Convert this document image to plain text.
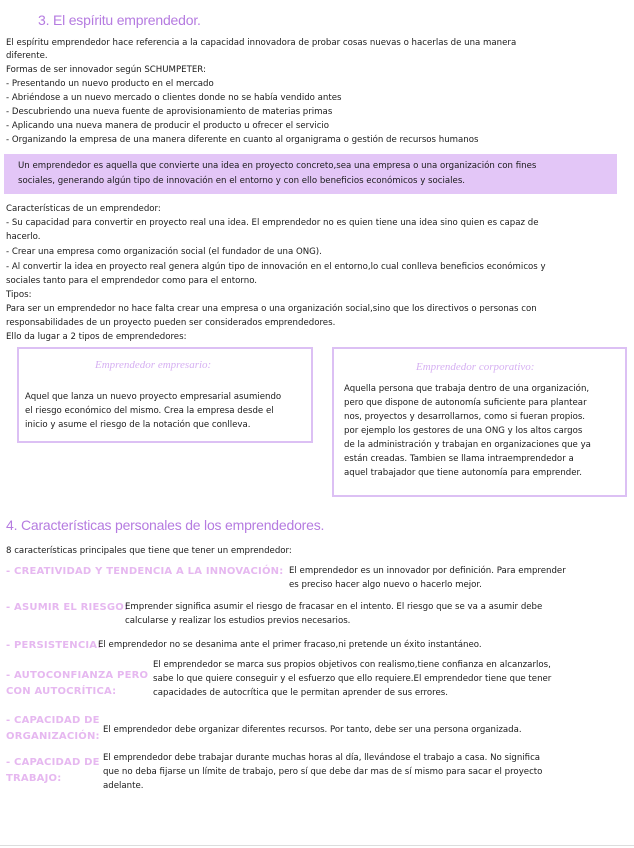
3. El espíritu emprendedor.
El espíritu emprendedor hace referencia a la capacidad innovadora de probar cosas nuevas o hacerlas de una manera
diferente.
Formas de ser innovador según SCHUMPETER:
- Presentando un nuevo producto en el mercado
- Abriéndose a un nuevo mercado o clientes donde no se había vendido antes
- Descubriendo una nueva fuente de aprovisionamiento de materias primas
- Aplicando una nueva manera de producir el producto u ofrecer el servicio
- Organizando la empresa de una manera diferente en cuanto al organigrama o gestión de recursos humanos
Un emprendedor es aquella que convierte una idea en proyecto concreto,sea una empresa o una organización con fines
sociales, generando algún tipo de innovación en el entorno y con ello beneficios económicos y sociales.
Características de un emprendedor:
- Su capacidad para convertir en proyecto real una idea. El emprendedor no es quien tiene una idea sino quien es capaz de
hacerlo.
- Crear una empresa como organización social (el fundador de una ONG).
- Al convertir la idea en proyecto real genera algún tipo de innovación en el entorno,lo cual conlleva beneficios económicos y
sociales tanto para el emprendedor como para el entorno.
Tipos:
Para ser un emprendedor no hace falta crear una empresa o una organización social,sino que los directivos o personas con
responsabilidades de un proyecto pueden ser considerados emprendedores.
Ello da lugar a 2 tipos de emprendedores:
Emprendedor empresario:
Aquel que lanza un nuevo proyecto empresarial asumiendo
el riesgo económico del mismo. Crea la empresa desde el
inicio y asume el riesgo de la notación que conlleva.
Emprendedor corporativo:
Aquella persona que trabaja dentro de una organización,
pero que dispone de autonomía suficiente para plantear
nos, proyectos y desarrollarnos, como si fueran propios.
por ejemplo los gestores de una ONG y los altos cargos
de la administración y trabajan en organizaciones que ya
están creadas. Tambien se llama intraemprendedor a
aquel trabajador que tiene autonomía para emprender.
4. Características personales de los emprendedores.
8 características principales que tiene que tener un emprendedor:
- CREATIVIDAD Y TENDENCIA A LA INNOVACIÓN: El emprendedor es un innovador por definición. Para emprender
es preciso hacer algo nuevo o hacerlo mejor.
- ASUMIR EL RIESGO:
Emprender significa asumir el riesgo de fracasar en el intento. El riesgo que se va a asumir debe
calcularse y realizar los estudios previos necesarios.
- PERSISTENCIA:
El emprendedor no se desanima ante el primer fracaso,ni pretende un éxito instantáneo.
- AUTOCONFIANZA PERO
CON AUTOCRÍTICA:
El emprendedor se marca sus propios objetivos con realismo,tiene confianza en alcanzarlos,
sabe lo que quiere conseguir y el esfuerzo que ello requiere.El emprendedor tiene que tener
capacidades de autocrítica que le permitan aprender de sus errores.
- CAPACIDAD DE
ORGANIZACIÓN:
El emprendedor debe organizar diferentes recursos. Por tanto, debe ser una persona organizada.
- CAPACIDAD DE
TRABAJO:
El emprendedor debe trabajar durante muchas horas al día, llevándose el trabajo a casa. No significa
que no deba fijarse un límite de trabajo, pero sí que debe dar mas de sí mismo para sacar el proyecto
adelante.
